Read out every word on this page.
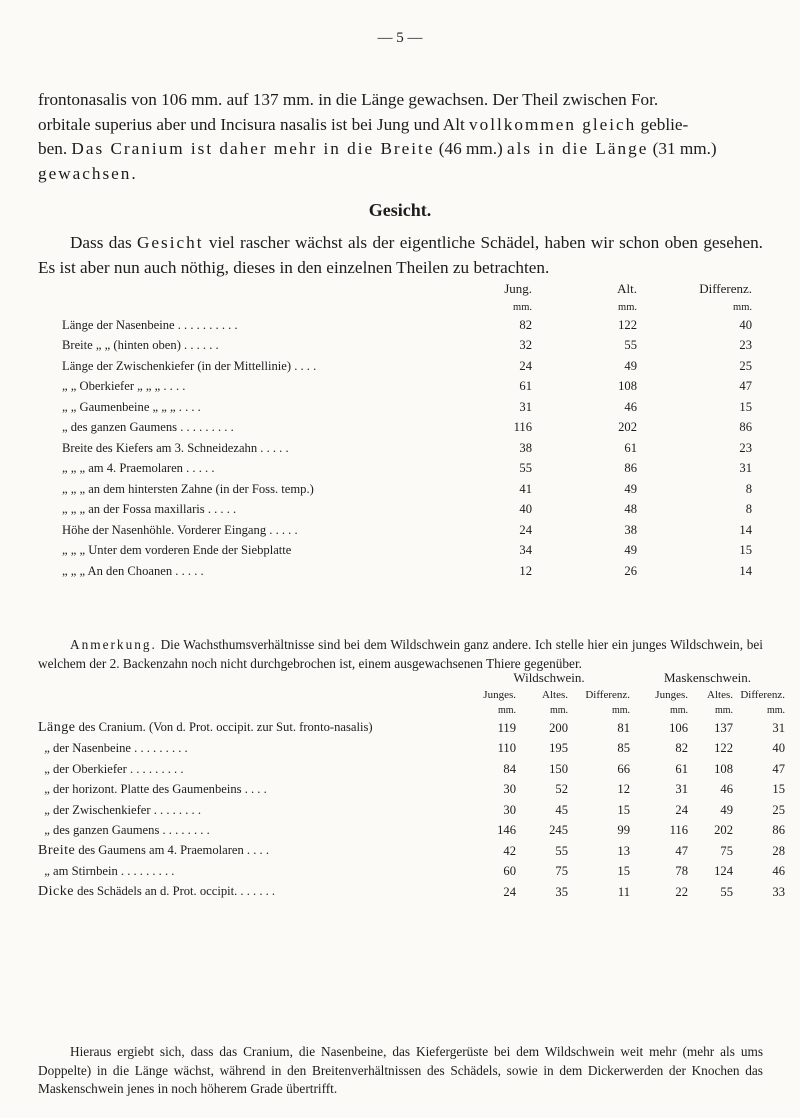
— 5 —

frontonasalis von 106 mm. auf 137 mm. in die Länge gewachsen. Der Theil zwischen For.
orbitale superius aber und Incisura nasalis ist bei Jung und Alt vollkommen gleich geblie-
ben. Das Cranium ist daher mehr in die Breite (46 mm.) als in die Länge (31 mm.)
gewachsen.

Gesicht.

Dass das Gesicht viel rascher wächst als der eigentliche Schädel, haben wir schon oben gesehen. Es ist aber nun auch nöthig, dieses in den einzelnen Theilen zu betrachten.

	Jung.	Alt.	Differenz.
	mm.	mm.	mm.
Länge der Nasenbeine . . . . . . . . . .	82	122	40
Breite „ „ (hinten oben) . . . . . .	32	55	23
Länge der Zwischenkiefer (in der Mittellinie) . . . .	24	49	25
„ „ Oberkiefer „ „ „ . . . .	61	108	47
„ „ Gaumenbeine „ „ „ . . . .	31	46	15
„ des ganzen Gaumens . . . . . . . . .	116	202	86
Breite des Kiefers am 3. Schneidezahn . . . . .	38	61	23
„ „ „ am 4. Praemolaren . . . . .	55	86	31
„ „ „ an dem hintersten Zahne (in der Foss. temp.)	41	49	8
„ „ „ an der Fossa maxillaris . . . . .	40	48	8
Höhe der Nasenhöhle. Vorderer Eingang . . . . .	24	38	14
„ „ „ Unter dem vorderen Ende der Siebplatte	34	49	15
„ „ „ An den Choanen . . . . .	12	26	14

Anmerkung. Die Wachsthumsverhältnisse sind bei dem Wildschwein ganz andere. Ich stelle hier ein junges Wildschwein, bei welchem der 2. Backenzahn noch nicht durchgebrochen ist, einem ausgewachsenen Thiere gegenüber.

	Wildschwein.			Maskenschwein.		
	Junges.	Altes.	Differenz.	Junges.	Altes.	Differenz.
	mm.	mm.	mm.	mm.	mm.	mm.
Länge des Cranium. (Von d. Prot. occipit. zur Sut. fronto-nasalis)	119	200	81	106	137	31
„ der Nasenbeine . . . . . . . . .	110	195	85	82	122	40
„ der Oberkiefer . . . . . . . . .	84	150	66	61	108	47
„ der horizont. Platte des Gaumenbeins . . . .	30	52	12	31	46	15
„ der Zwischenkiefer . . . . . . . .	30	45	15	24	49	25
„ des ganzen Gaumens . . . . . . . .	146	245	99	116	202	86
Breite des Gaumens am 4. Praemolaren . . . .	42	55	13	47	75	28
„ am Stirnbein . . . . . . . . .	60	75	15	78	124	46
Dicke des Schädels an d. Prot. occipit. . . . . . .	24	35	11	22	55	33

Hieraus ergiebt sich, dass das Cranium, die Nasenbeine, das Kiefergerüste bei dem Wildschwein weit mehr (mehr als ums Doppelte) in die Länge wächst, während in den Breitenverhältnissen des Schädels, sowie in dem Dickerwerden der Knochen das Maskenschwein jenes in noch höherem Grade übertrifft.
